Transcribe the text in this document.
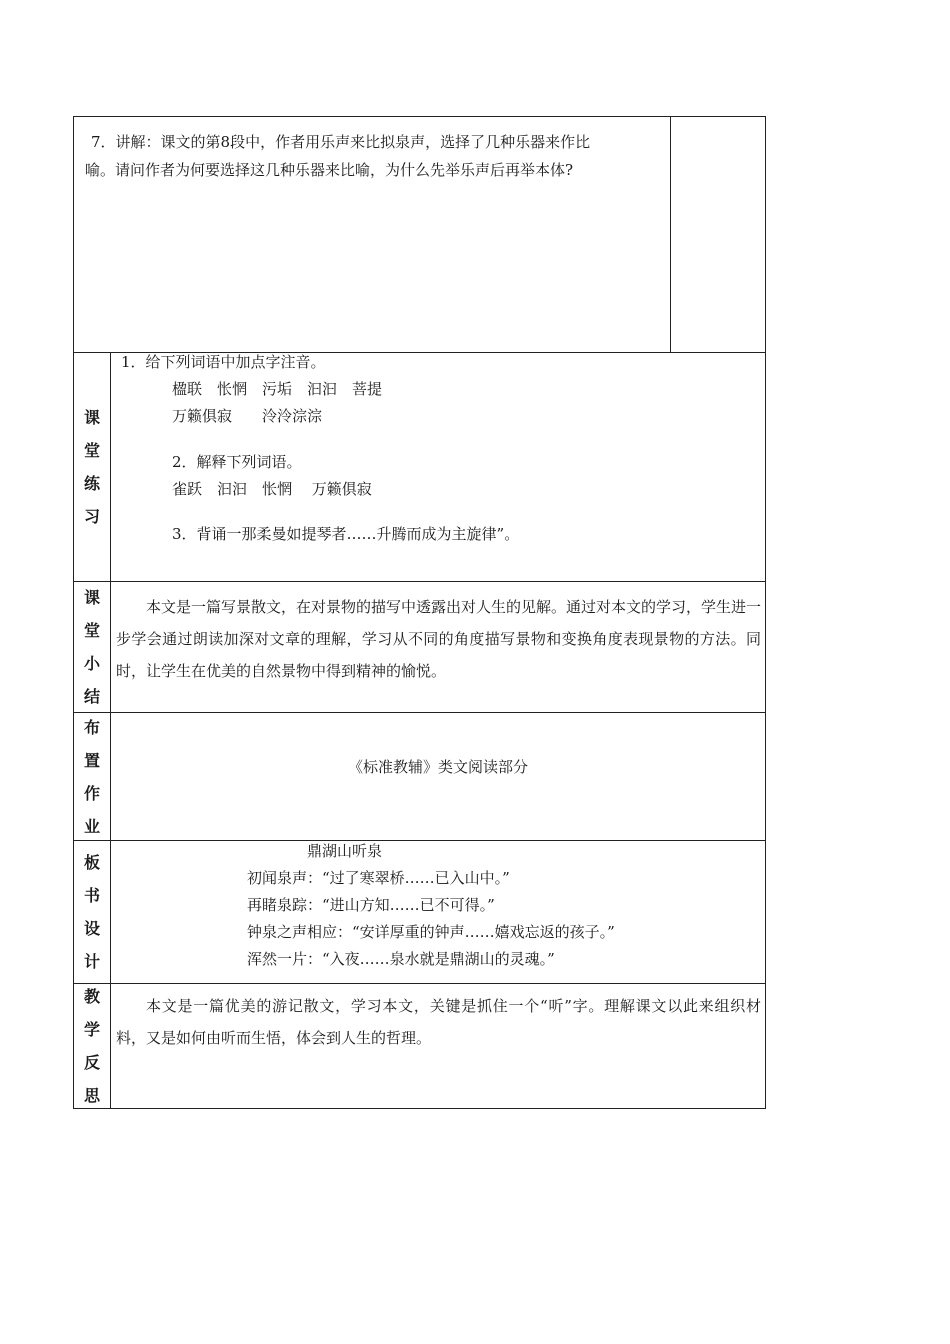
7．讲解：课文的第8段中，作者用乐声来比拟泉声，选择了几种乐器来作比
喻。请问作者为何要选择这几种乐器来比喻，为什么先举乐声后再举本体?
课
堂
练
习
1．给下列词语中加点字注音。
楹联　怅惘　污垢　汩汩　菩提
万籁俱寂　　泠泠淙淙
2．解释下列词语。
雀跃　汩汩　怅惘　 万籁俱寂
3．背诵一那柔曼如提琴者……升腾而成为主旋律”。
课
堂
小
结
本文是一篇写景散文，在对景物的描写中透露出对人生的见解。通过对本文的学习，学生进一步学会通过朗读加深对文章的理解，学习从不同的角度描写景物和变换角度表现景物的方法。同时，让学生在优美的自然景物中得到精神的愉悦。
布
置
作
业
《标准教辅》类文阅读部分
板
书
设
计
鼎湖山听泉
初闻泉声：“过了寒翠桥……已入山中。”
再睹泉踪：“进山方知……已不可得。”
钟泉之声相应：“安详厚重的钟声……嬉戏忘返的孩子。”
浑然一片：“入夜……泉水就是鼎湖山的灵魂。”
教
学
反
思
本文是一篇优美的游记散文，学习本文，关键是抓住一个“听”字。理解课文以此来组织材料，又是如何由听而生悟，体会到人生的哲理。
